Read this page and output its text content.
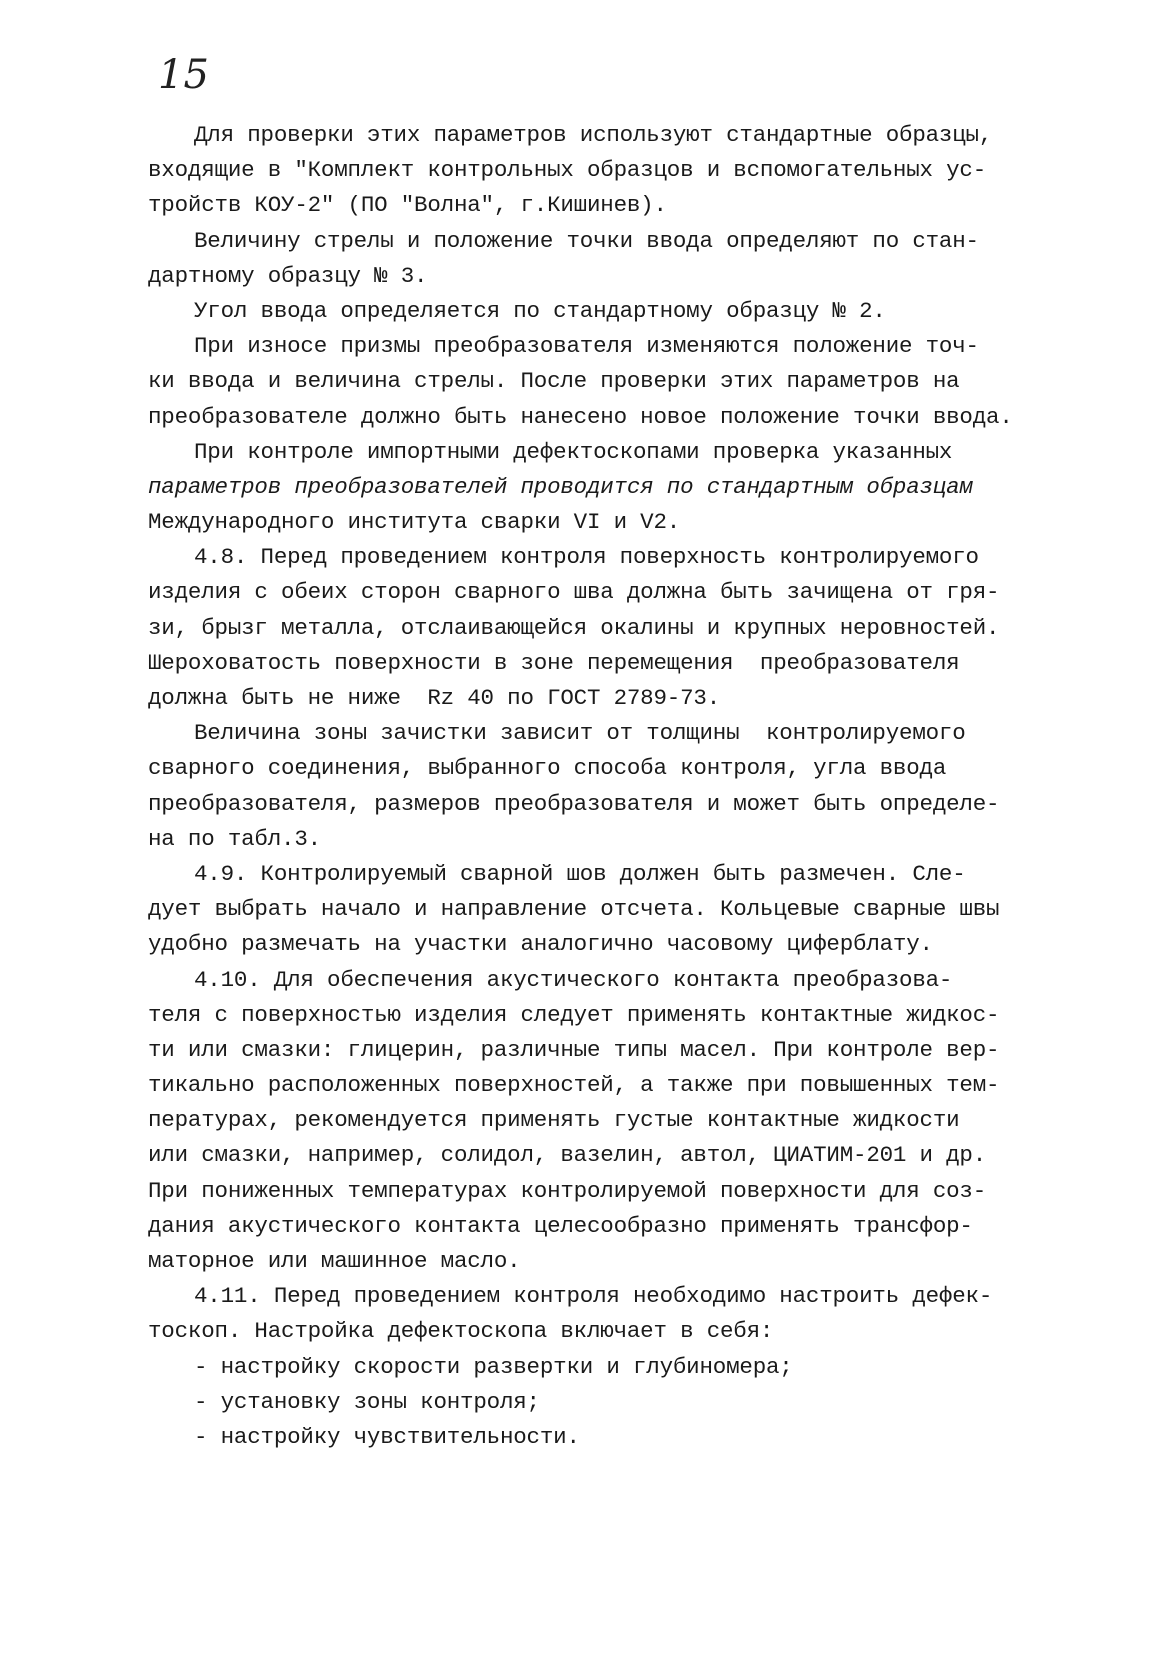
15
Для проверки этих параметров используют стандартные образцы,
входящие в "Комплект контрольных образцов и вспомогательных ус-
тройств КОУ-2" (ПО "Волна", г.Кишинев).
Величину стрелы и положение точки ввода определяют по стан-
дартному образцу № 3.
Угол ввода определяется по стандартному образцу № 2.
При износе призмы преобразователя изменяются положение точ-
ки ввода и величина стрелы. После проверки этих параметров на
преобразователе должно быть нанесено новое положение точки ввода.
При контроле импортными дефектоскопами проверка указанных
параметров преобразователей проводится по стандартным образцам
Международного института сварки VI и V2.
4.8. Перед проведением контроля поверхность контролируемого
изделия с обеих сторон сварного шва должна быть зачищена от гря-
зи, брызг металла, отслаивающейся окалины и крупных неровностей.
Шероховатость поверхности в зоне перемещения  преобразователя
должна быть не ниже  Rz 40 по ГОСТ 2789-73.
Величина зоны зачистки зависит от толщины  контролируемого
сварного соединения, выбранного способа контроля, угла ввода
преобразователя, размеров преобразователя и может быть определе-
на по табл.3.
4.9. Контролируемый сварной шов должен быть размечен. Сле-
дует выбрать начало и направление отсчета. Кольцевые сварные швы
удобно размечать на участки аналогично часовому циферблату.
4.10. Для обеспечения акустического контакта преобразова-
теля с поверхностью изделия следует применять контактные жидкос-
ти или смазки: глицерин, различные типы масел. При контроле вер-
тикально расположенных поверхностей, а также при повышенных тем-
пературах, рекомендуется применять густые контактные жидкости
или смазки, например, солидол, вазелин, автол, ЦИАТИМ-201 и др.
При пониженных температурах контролируемой поверхности для соз-
дания акустического контакта целесообразно применять трансфор-
маторное или машинное масло.
4.11. Перед проведением контроля необходимо настроить дефек-
тоскоп. Настройка дефектоскопа включает в себя:
- настройку скорости развертки и глубиномера;
- установку зоны контроля;
- настройку чувствительности.
